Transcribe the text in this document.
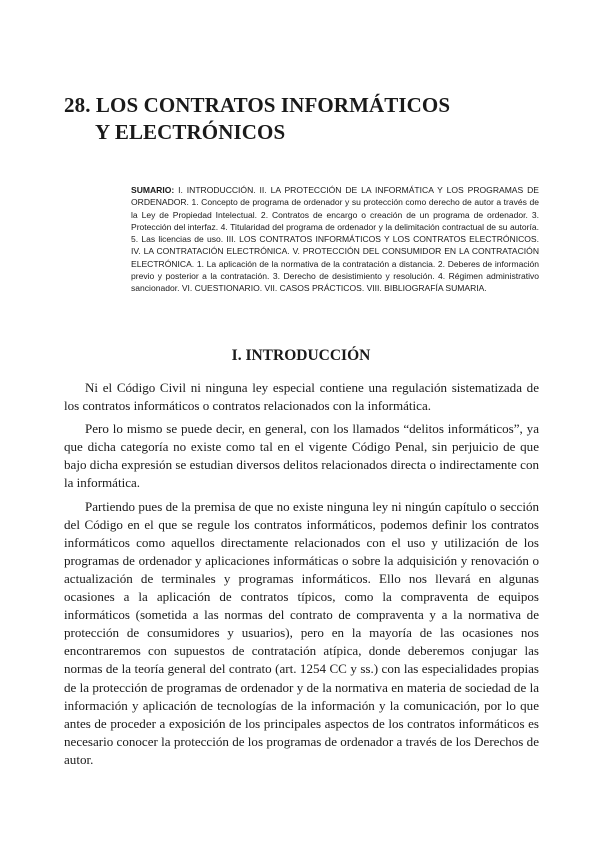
28. LOS CONTRATOS INFORMÁTICOS
Y ELECTRÓNICOS

SUMARIO: I. INTRODUCCIÓN. II. LA PROTECCIÓN DE LA INFORMÁTICA Y LOS PROGRAMAS DE ORDENADOR. 1. Concepto de programa de ordenador y su protección como derecho de autor a través de la Ley de Propiedad Intelectual. 2. Contratos de encargo o creación de un programa de ordenador. 3. Protección del interfaz. 4. Titularidad del programa de ordenador y la delimitación contractual de su autoría. 5. Las licencias de uso. III. LOS CONTRATOS INFORMÁTICOS Y LOS CONTRATOS ELECTRÓNICOS. IV. LA CONTRATACIÓN ELECTRÓNICA. V. PROTECCIÓN DEL CONSUMIDOR EN LA CONTRATACIÓN ELECTRÓNICA. 1. La aplicación de la normativa de la contratación a distancia. 2. Deberes de información previo y posterior a la contratación. 3. Derecho de desistimiento y resolución. 4. Régimen administrativo sancionador. VI. CUESTIONARIO. VII. CASOS PRÁCTICOS. VIII. BIBLIOGRAFÍA SUMARIA.

I. INTRODUCCIÓN

Ni el Código Civil ni ninguna ley especial contiene una regulación sistematizada de los contratos informáticos o contratos relacionados con la informática.

Pero lo mismo se puede decir, en general, con los llamados “delitos informáticos”, ya que dicha categoría no existe como tal en el vigente Código Penal, sin perjuicio de que bajo dicha expresión se estudian diversos delitos relacionados directa o indirectamente con la informática.

Partiendo pues de la premisa de que no existe ninguna ley ni ningún capítulo o sección del Código en el que se regule los contratos informáticos, podemos definir los contratos informáticos como aquellos directamente relacionados con el uso y utilización de los programas de ordenador y aplicaciones informáticas o sobre la adquisición y renovación o actualización de terminales y programas informáticos. Ello nos llevará en algunas ocasiones a la aplicación de contratos típicos, como la compraventa de equipos informáticos (sometida a las normas del contrato de compraventa y a la normativa de protección de consumidores y usuarios), pero en la mayoría de las ocasiones nos encontraremos con supuestos de contratación atípica, donde deberemos conjugar las normas de la teoría general del contrato (art. 1254 CC y ss.) con las especialidades propias de la protección de programas de ordenador y de la normativa en materia de sociedad de la información y aplicación de tecnologías de la información y la comunicación, por lo que antes de proceder a exposición de los principales aspectos de los contratos informáticos es necesario conocer la protección de los programas de ordenador a través de los Derechos de autor.
